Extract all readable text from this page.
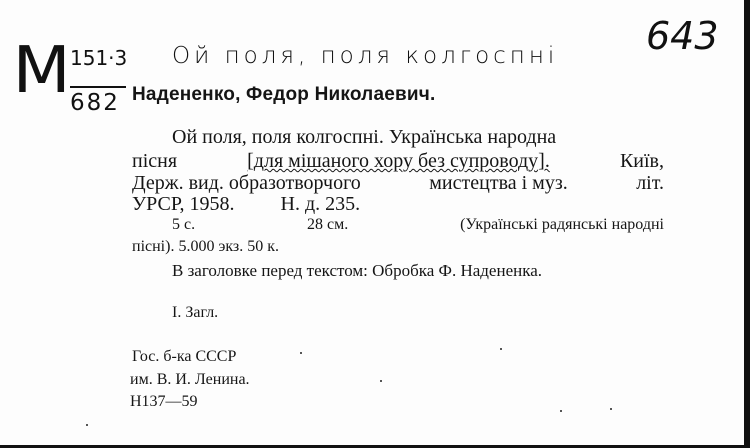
M 151·3
682
Ой поля, поля колгоспні 643
Надененко, Федор Николаевич.
Ой поля, поля колгоспні. Українська народна
пісня	[для мішаного хору без супроводу].	Київ,
Держ. вид. образотворчого	мистецтва і муз.	літ.
УРСР, 1958. Н. д. 235.
5 с.	28 см.	(Українські радянські народні
пісні). 5.000 экз. 50 к.
В заголовке перед текстом: Обробка Ф. Наденeнка.
I. Загл.
Гос. б-ка СССР
им. В. И. Ленина.
Н137—59
